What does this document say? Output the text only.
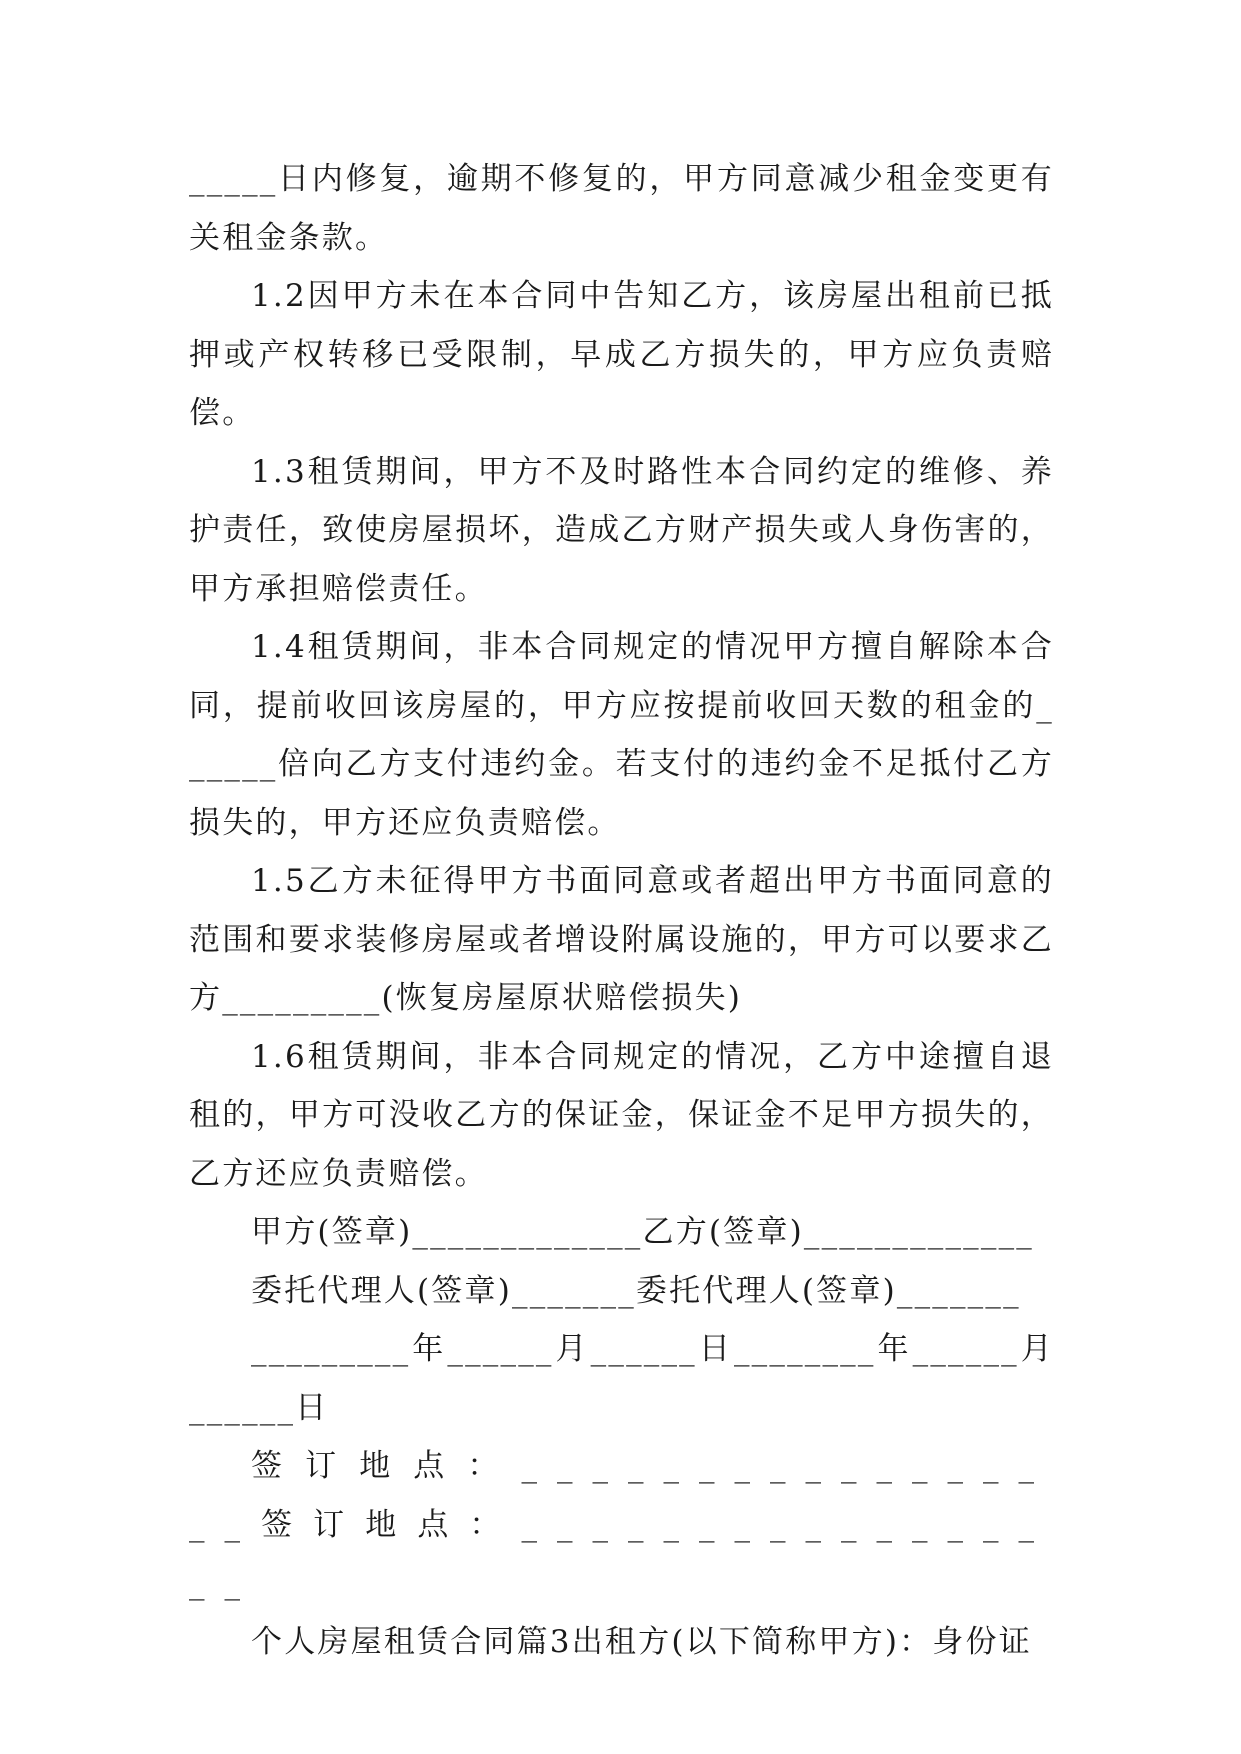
_____日内修复，逾期不修复的，甲方同意减少租金变更有关租金条款。

1.2因甲方未在本合同中告知乙方，该房屋出租前已抵押或产权转移已受限制，早成乙方损失的，甲方应负责赔偿。

1.3租赁期间，甲方不及时路性本合同约定的维修、养护责任，致使房屋损坏，造成乙方财产损失或人身伤害的，甲方承担赔偿责任。

1.4租赁期间，非本合同规定的情况甲方擅自解除本合同，提前收回该房屋的，甲方应按提前收回天数的租金的______倍向乙方支付违约金。若支付的违约金不足抵付乙方损失的，甲方还应负责赔偿。

1.5乙方未征得甲方书面同意或者超出甲方书面同意的范围和要求装修房屋或者增设附属设施的，甲方可以要求乙方_________(恢复房屋原状赔偿损失)

1.6租赁期间，非本合同规定的情况，乙方中途擅自退租的，甲方可没收乙方的保证金，保证金不足甲方损失的，乙方还应负责赔偿。

甲方(签章)_____________乙方(签章)_____________

委托代理人(签章)_______委托代理人(签章)_______

_________年______月______日________年______月______日

签订地点：_________________签订地点：_________________

个人房屋租赁合同篇3出租方(以下简称甲方)：身份证
